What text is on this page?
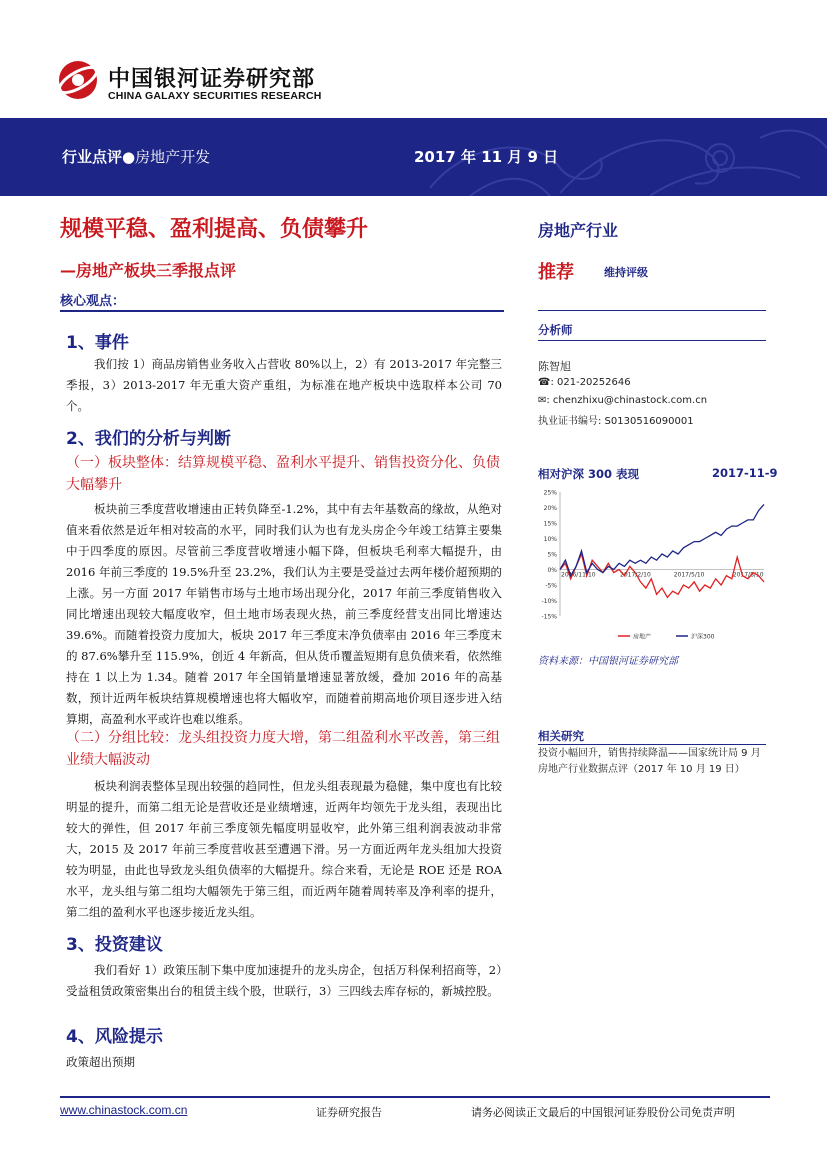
中国银河证券研究部
CHINA GALAXY SECURITIES RESEARCH
行业点评●房地产开发	2017 年 11 月 9 日
规模平稳、盈利提高、负债攀升
—房地产板块三季报点评
核心观点：
1、事件
我们按 1）商品房销售业务收入占营收 80%以上，2）有 2013-2017 年完整三季报，3）2013-2017 年无重大资产重组，为标准在地产板块中选取样本公司 70 个。
2、我们的分析与判断
（一）板块整体：结算规模平稳、盈利水平提升、销售投资分化、负债大幅攀升
板块前三季度营收增速由正转负降至-1.2%，其中有去年基数高的缘故，从绝对值来看依然是近年相对较高的水平，同时我们认为也有龙头房企今年竣工结算主要集中于四季度的原因。尽管前三季度营收增速小幅下降，但板块毛利率大幅提升，由 2016 年前三季度的 19.5%升至 23.2%，我们认为主要是受益过去两年楼价超预期的上涨。另一方面 2017 年销售市场与土地市场出现分化，2017 年前三季度销售收入同比增速出现较大幅度收窄，但土地市场表现火热，前三季度经营支出同比增速达 39.6%。而随着投资力度加大，板块 2017 年三季度末净负债率由 2016 年三季度末的 87.6%攀升至 115.9%，创近 4 年新高，但从货币覆盖短期有息负债来看，依然维持在 1 以上为 1.34。随着 2017 年全国销量增速显著放缓，叠加 2016 年的高基数，预计近两年板块结算规模增速也将大幅收窄，而随着前期高地价项目逐步进入结算期，高盈利水平或许也难以维系。
（二）分组比较：龙头组投资力度大增，第二组盈利水平改善，第三组业绩大幅波动
板块利润表整体呈现出较强的趋同性，但龙头组表现最为稳健，集中度也有比较明显的提升，而第二组无论是营收还是业绩增速，近两年均领先于龙头组，表现出比较大的弹性，但 2017 年前三季度领先幅度明显收窄，此外第三组利润表波动非常大，2015 及 2017 年前三季度营收甚至遭遇下滑。另一方面近两年龙头组加大投资较为明显，由此也导致龙头组负债率的大幅提升。综合来看，无论是 ROE 还是 ROA 水平，龙头组与第二组均大幅领先于第三组，而近两年随着周转率及净利率的提升，第二组的盈利水平也逐步接近龙头组。
3、投资建议
我们看好 1）政策压制下集中度加速提升的龙头房企，包括万科保利招商等，2）受益租赁政策密集出台的租赁主线个股，世联行，3）三四线去库存标的，新城控股。
4、风险提示
政策超出预期
房地产行业
推荐	维持评级
分析师
陈智旭
☎: 021-20252646
✉: chenzhixu@chinastock.com.cn
执业证书编号: S0130516090001
相对沪深 300 表现	2017-11-9
25%
20%
15%
10%
5%
0%
-5%
-10%
-15%
2016/11/10	2017/2/10	2017/5/10	2017/8/10
房地产	沪深300
资料来源：中国银河证券研究部
相关研究
投资小幅回升，销售持续降温——国家统计局 9 月房地产行业数据点评（2017 年 10 月 19 日）
www.chinastock.com.cn	证券研究报告	请务必阅读正文最后的中国银河证券股份公司免责声明
